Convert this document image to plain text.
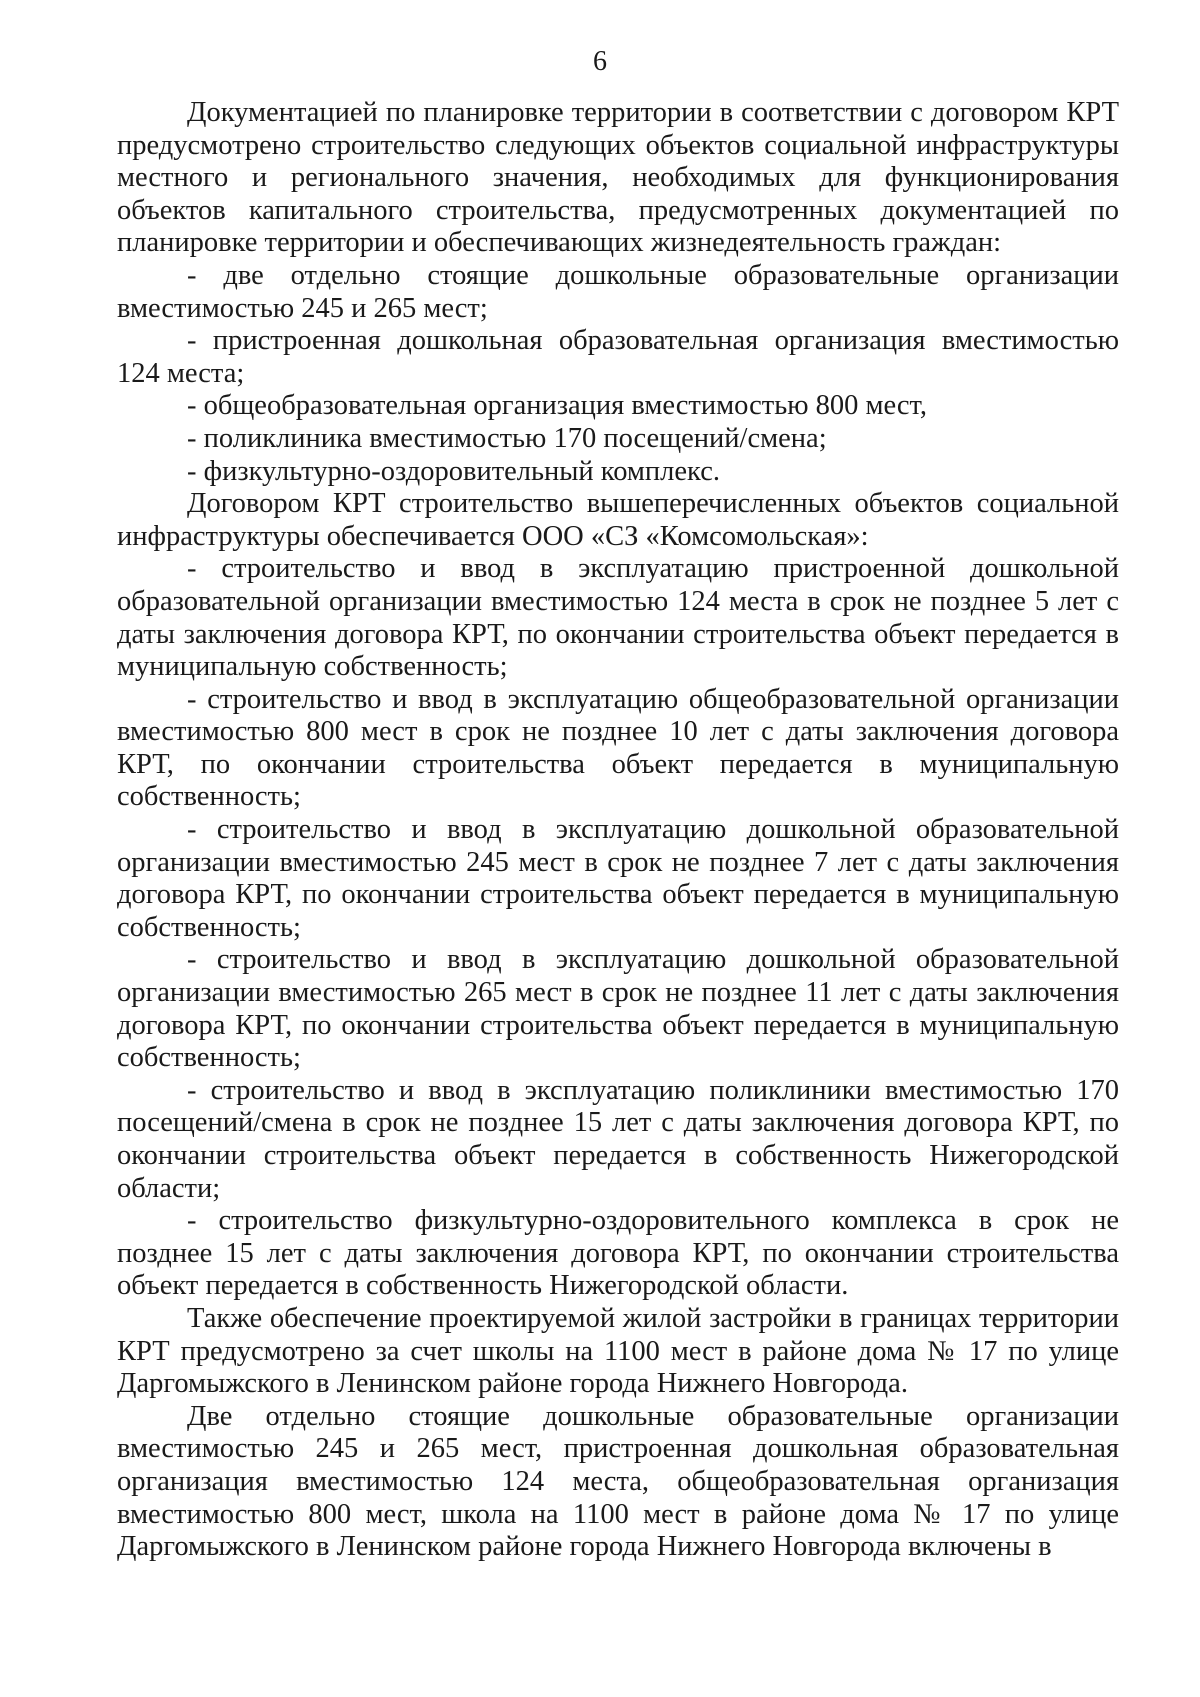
6

Документацией по планировке территории в соответствии с договором КРТ предусмотрено строительство следующих объектов социальной инфраструктуры местного и регионального значения, необходимых для функционирования объектов капитального строительства, предусмотренных документацией по планировке территории и обеспечивающих жизнедеятельность граждан:

- две отдельно стоящие дошкольные образовательные организации вместимостью 245 и 265 мест;

- пристроенная дошкольная образовательная организация вместимостью 124 места;

- общеобразовательная организация вместимостью 800 мест,

- поликлиника вместимостью 170 посещений/смена;

- физкультурно-оздоровительный комплекс.

Договором КРТ строительство вышеперечисленных объектов социальной инфраструктуры обеспечивается ООО «СЗ «Комсомольская»:

- строительство и ввод в эксплуатацию пристроенной дошкольной образовательной организации вместимостью 124 места в срок не позднее 5 лет с даты заключения договора КРТ, по окончании строительства объект передается в муниципальную собственность;

- строительство и ввод в эксплуатацию общеобразовательной организации вместимостью 800 мест в срок не позднее 10 лет с даты заключения договора КРТ, по окончании строительства объект передается в муниципальную собственность;

- строительство и ввод в эксплуатацию дошкольной образовательной организации вместимостью 245 мест в срок не позднее 7 лет с даты заключения договора КРТ, по окончании строительства объект передается в муниципальную собственность;

- строительство и ввод в эксплуатацию дошкольной образовательной организации вместимостью 265 мест в срок не позднее 11 лет с даты заключения договора КРТ, по окончании строительства объект передается в муниципальную собственность;

- строительство и ввод в эксплуатацию поликлиники вместимостью 170 посещений/смена в срок не позднее 15 лет с даты заключения договора КРТ, по окончании строительства объект передается в собственность Нижегородской области;

- строительство физкультурно-оздоровительного комплекса в срок не позднее 15 лет с даты заключения договора КРТ, по окончании строительства объект передается в собственность Нижегородской области.

Также обеспечение проектируемой жилой застройки в границах территории КРТ предусмотрено за счет школы на 1100 мест в районе дома № 17 по улице Даргомыжского в Ленинском районе города Нижнего Новгорода.

Две отдельно стоящие дошкольные образовательные организации вместимостью 245 и 265 мест, пристроенная дошкольная образовательная организация вместимостью 124 места, общеобразовательная организация вместимостью 800 мест, школа на 1100 мест в районе дома № 17 по улице Даргомыжского в Ленинском районе города Нижнего Новгорода включены в
